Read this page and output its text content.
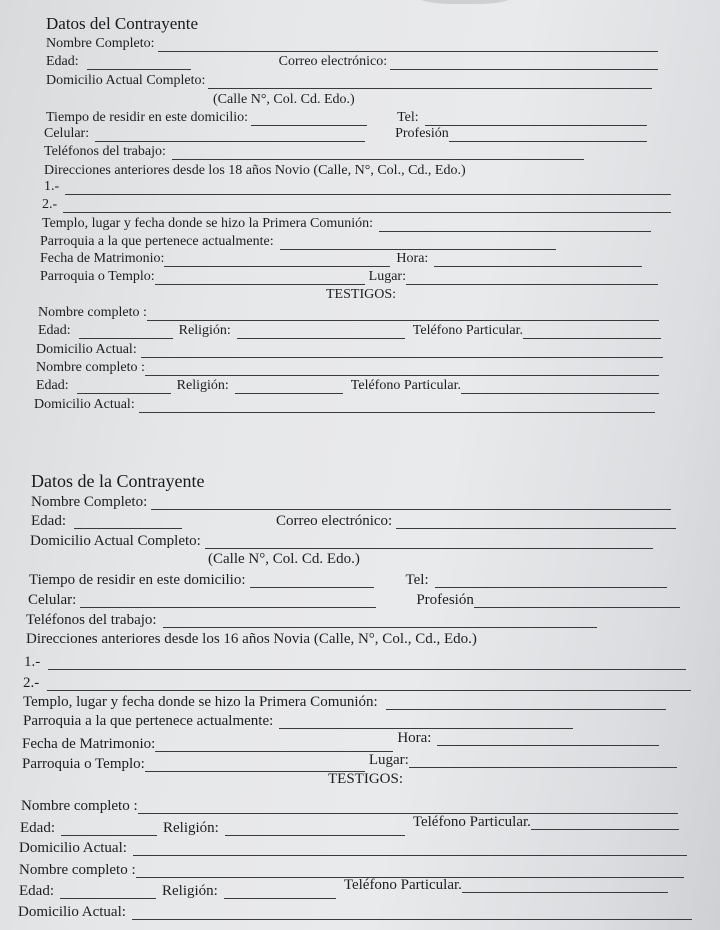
Datos del Contrayente
Nombre Completo:
Edad:	Correo electrónico:
Domicilio Actual Completo:
(Calle N°, Col. Cd. Edo.)
Tiempo de residir en este domicilio:	Tel:
Celular:	Profesión
Teléfonos del trabajo:
Direcciones anteriores desde los 18 años Novio (Calle, N°, Col., Cd., Edo.)
1.-
2.-
Templo, lugar y fecha donde se hizo la Primera Comunión:
Parroquia a la que pertenece actualmente:
Fecha de Matrimonio:	Hora:
Parroquia o Templo:	Lugar:
TESTIGOS:
Nombre completo :
Edad:	Religión:	Teléfono Particular.
Domicilio Actual:
Nombre completo :
Edad:	Religión:	Teléfono Particular.
Domicilio Actual:
Datos de la Contrayente
Nombre Completo:
Edad:	Correo electrónico:
Domicilio Actual Completo:
(Calle N°, Col. Cd. Edo.)
Tiempo de residir en este domicilio:	Tel:
Celular:	Profesión
Teléfonos del trabajo:
Direcciones anteriores desde los 16 años Novia (Calle, N°, Col., Cd., Edo.)
1.-
2.-
Templo, lugar y fecha donde se hizo la Primera Comunión:
Parroquia a la que pertenece actualmente:
Fecha de Matrimonio:	Hora:
Parroquia o Templo:	Lugar:
TESTIGOS:
Nombre completo :
Edad:	Religión:	Teléfono Particular.
Domicilio Actual:
Nombre completo :
Edad:	Religión:	Teléfono Particular.
Domicilio Actual:
